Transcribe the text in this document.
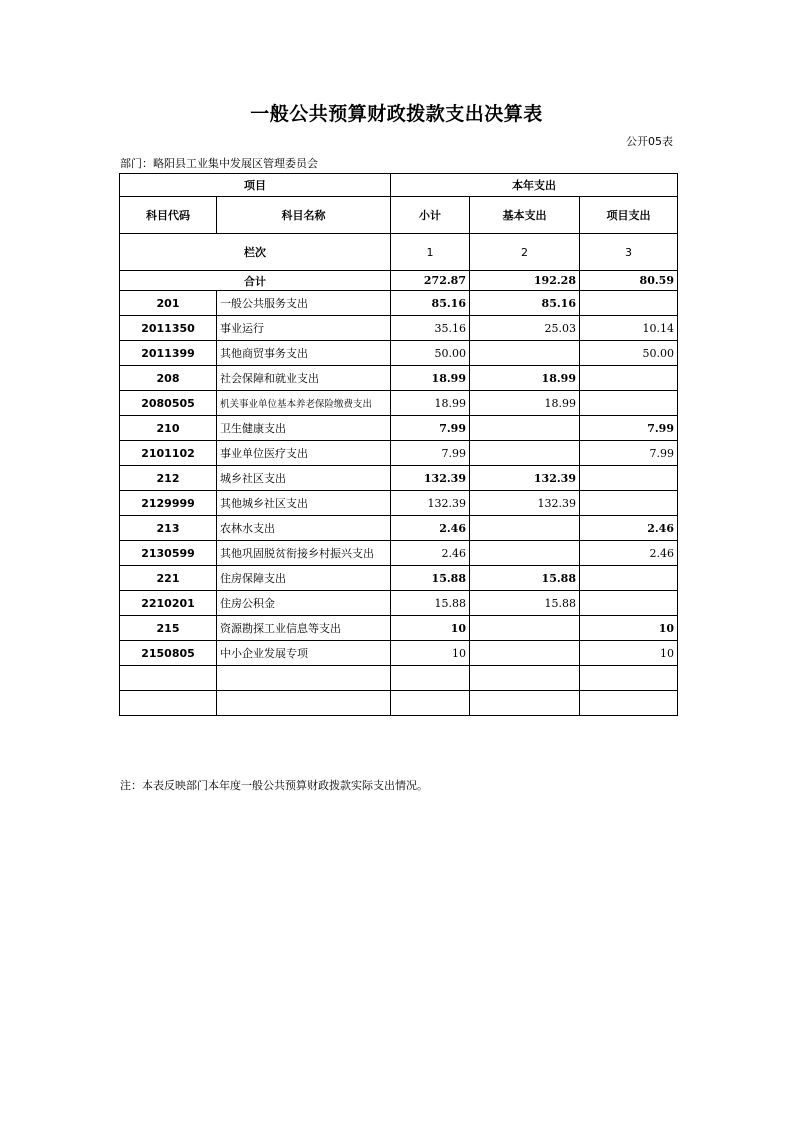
一般公共预算财政拨款支出决算表
公开05表
部门：略阳县工业集中发展区管理委员会
项目		本年支出		
科目代码	科目名称	小计	基本支出	项目支出
栏次		1	2	3
合计		272.87	192.28	80.59
201	一般公共服务支出	85.16	85.16	
2011350	事业运行	35.16	25.03	10.14
2011399	其他商贸事务支出	50.00		50.00
208	社会保障和就业支出	18.99	18.99	
2080505	机关事业单位基本养老保险缴费支出	18.99	18.99	
210	卫生健康支出	7.99		7.99
2101102	事业单位医疗支出	7.99		7.99
212	城乡社区支出	132.39	132.39	
2129999	其他城乡社区支出	132.39	132.39	
213	农林水支出	2.46		2.46
2130599	其他巩固脱贫衔接乡村振兴支出	2.46		2.46
221	住房保障支出	15.88	15.88	
2210201	住房公积金	15.88	15.88	
215	资源勘探工业信息等支出	10		10
2150805	中小企业发展专项	10		10

注：本表反映部门本年度一般公共预算财政拨款实际支出情况。
